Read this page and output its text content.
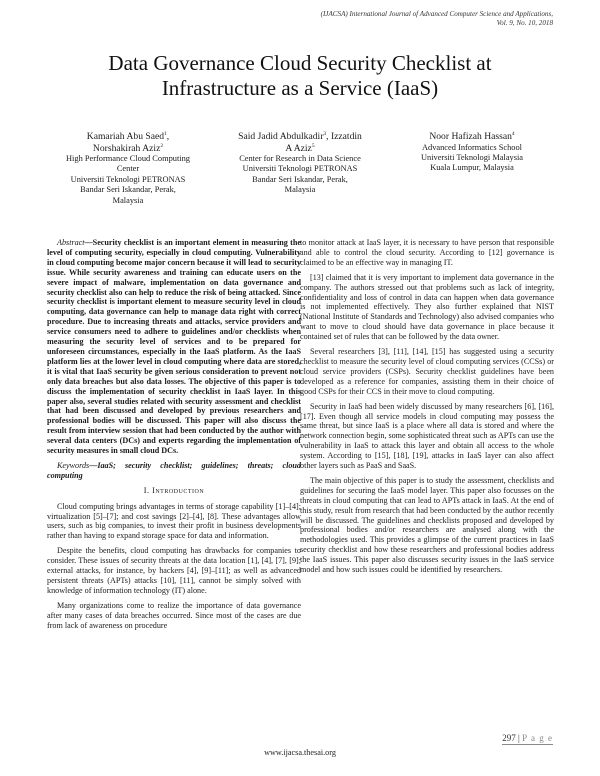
(IJACSA) International Journal of Advanced Computer Science and Applications,
Vol. 9, No. 10, 2018
Data Governance Cloud Security Checklist at
Infrastructure as a Service (IaaS)
Kamariah Abu Saed$^1$,
Norshakirah Aziz$^2$
High Performance Cloud Computing
Center
Universiti Teknologi PETRONAS
Bandar Seri Iskandar, Perak,
Malaysia
Said Jadid Abdulkadir$^3$, Izzatdin
A Aziz$^5$
Center for Research in Data Science
Universiti Teknologi PETRONAS
Bandar Seri Iskandar, Perak,
Malaysia
Noor Hafizah Hassan$^4$
Advanced Informatics School
Universiti Teknologi Malaysia
Kuala Lumpur, Malaysia

Abstract—Security checklist is an important element in measuring the level of computing security, especially in cloud computing. Vulnerability in cloud computing become major concern because it will lead to security issue. While security awareness and training can educate users on the severe impact of malware, implementation on data governance and security checklist also can help to reduce the risk of being attacked. Since security checklist is important element to measure security level in cloud computing, data governance can help to manage data right with correct procedure. Due to increasing threats and attacks, service providers and service consumers need to adhere to guidelines and/or checklists when measuring the security level of services and to be prepared for unforeseen circumstances, especially in the IaaS platform. As the IaaS platform lies at the lower level in cloud computing where data are stored, it is vital that IaaS security be given serious consideration to prevent not only data breaches but also data losses. The objective of this paper is to discuss the implementation of security checklist in IaaS layer. In this paper also, several studies related with security assessment and checklist that had been discussed and developed by previous researchers and professional bodies will be discussed. This paper will also discuss the result from interview session that had been conducted by the author with several data centers (DCs) and experts regarding the implementation of security measures in small cloud DCs.

Keywords—IaaS; security checklist; guidelines; threats; cloud computing

I. Introduction

Cloud computing brings advantages in terms of storage capability [1]–[4]; virtualization [5]–[7]; and cost savings [2]–[4], [8]. These advantages allow users, such as big companies, to invest their profit in business developments rather than having to expand storage space for data and information.

Despite the benefits, cloud computing has drawbacks for companies to consider. These issues of security threats at the data location [1], [4], [7], [9]; external attacks, for instance, by hackers [4], [9]–[11]; as well as advanced persistent threats (APTs) attacks [10], [11], cannot be simply solved with knowledge of information technology (IT) alone.

Many organizations come to realize the importance of data governance after many cases of data breaches occurred. Since most of the cases are due from lack of awareness on procedure

to monitor attack at IaaS layer, it is necessary to have person that responsible and able to control the cloud security. According to [12] governance is claimed to be an effective way in managing IT.

[13] claimed that it is very important to implement data governance in the company. The authors stressed out that problems such as lack of integrity, confidentiality and loss of control in data can happen when data governance is not implemented effectively. They also further explained that NIST (National Institute of Standards and Technology) also advised companies who want to move to cloud should have data governance in place because it contained set of rules that can be followed by the data owner.

Several researchers [3], [11], [14], [15] has suggested using a security checklist to measure the security level of cloud computing services (CCSs) or cloud service providers (CSPs). Security checklist guidelines have been developed as a reference for companies, assisting them in their choice of good CSPs for their CCS in their move to cloud computing.

Security in IaaS had been widely discussed by many researchers [6], [16], [17]. Even though all service models in cloud computing may possess the same threat, but since IaaS is a place where all data is stored and where the network connection begin, some sophisticated threat such as APTs can use the vulnerability in IaaS to attack this layer and obtain all access to the whole system. According to [15], [18], [19], attacks in IaaS layer can also affect other layers such as PaaS and SaaS.

The main objective of this paper is to study the assessment, checklists and guidelines for securing the IaaS model layer. This paper also focusses on the threats in cloud computing that can lead to APTs attack in IaaS. At the end of this study, result from research that had been conducted by the author recently will be discussed. The guidelines and checklists proposed and developed by professional bodies and/or researchers are analysed along with the methodologies used. This provides a glimpse of the current practices in IaaS security checklist and how these researchers and professional bodies address the IaaS issues. This paper also discusses security issues in the IaaS service model and how such issues could be identified by researchers.

297 | P a g e
www.ijacsa.thesai.org
